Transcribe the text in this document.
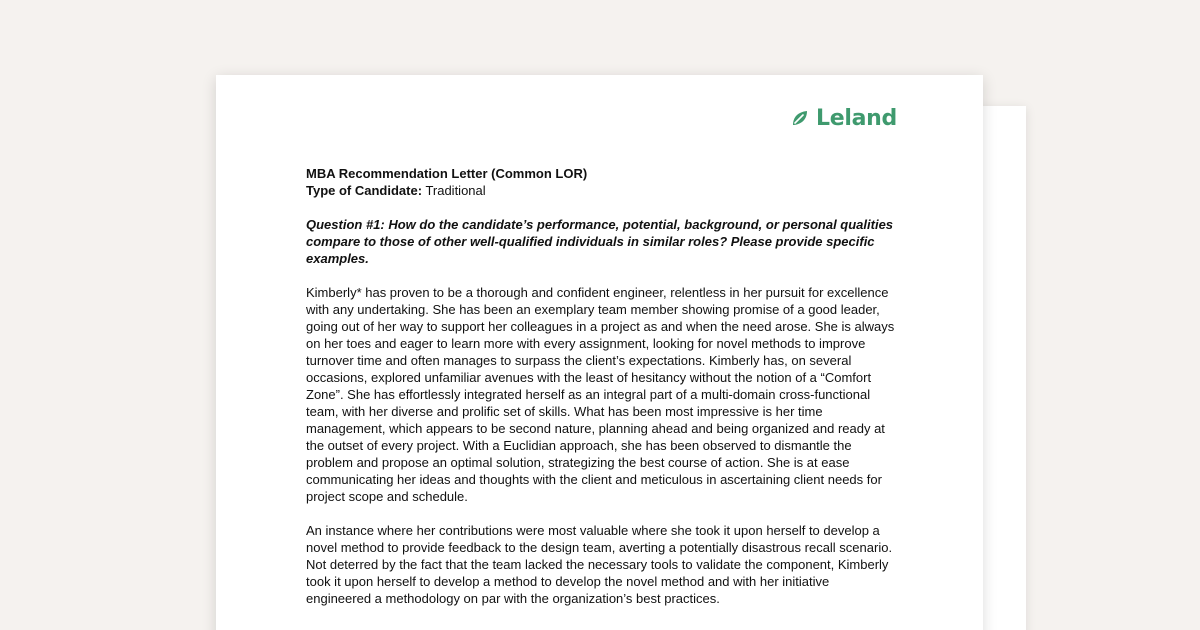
Leland

MBA Recommendation Letter (Common LOR)

Type of Candidate: Traditional

Question #1: How do the candidate’s performance, potential, background, or personal qualities compare to those of other well-qualified individuals in similar roles? Please provide specific examples.

Kimberly* has proven to be a thorough and confident engineer, relentless in her pursuit for excellence with any undertaking. She has been an exemplary team member showing promise of a good leader, going out of her way to support her colleagues in a project as and when the need arose. She is always on her toes and eager to learn more with every assignment, looking for novel methods to improve turnover time and often manages to surpass the client’s expectations. Kimberly has, on several occasions, explored unfamiliar avenues with the least of hesitancy without the notion of a “Comfort Zone”. She has effortlessly integrated herself as an integral part of a multi-domain cross-functional team, with her diverse and prolific set of skills. What has been most impressive is her time management, which appears to be second nature, planning ahead and being organized and ready at the outset of every project. With a Euclidian approach, she has been observed to dismantle the problem and propose an optimal solution, strategizing the best course of action. She is at ease communicating her ideas and thoughts with the client and meticulous in ascertaining client needs for project scope and schedule.

An instance where her contributions were most valuable where she took it upon herself to develop a novel method to provide feedback to the design team, averting a potentially disastrous recall scenario. Not deterred by the fact that the team lacked the necessary tools to validate the component, Kimberly took it upon herself to develop a method to develop the novel method and with her initiative engineered a methodology on par with the organization’s best practices.
